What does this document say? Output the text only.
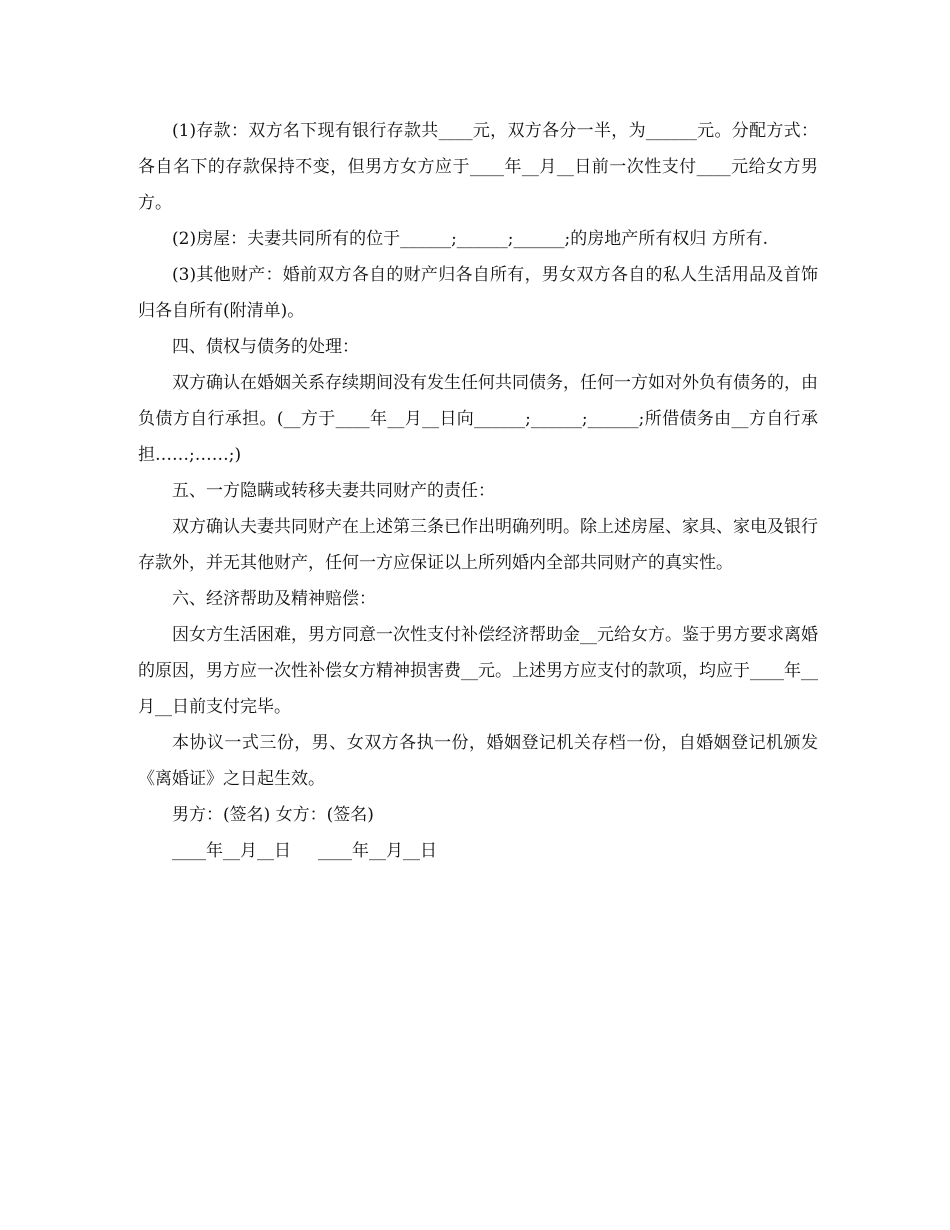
(1)存款：双方名下现有银行存款共____元，双方各分一半，为______元。分配方式：各自名下的存款保持不变，但男方女方应于____年__月__日前一次性支付____元给女方男方。

(2)房屋：夫妻共同所有的位于______;______;______;的房地产所有权归 方所有.

(3)其他财产：婚前双方各自的财产归各自所有，男女双方各自的私人生活用品及首饰归各自所有(附清单)。

四、债权与债务的处理：

双方确认在婚姻关系存续期间没有发生任何共同债务，任何一方如对外负有债务的，由负债方自行承担。(__方于____年__月__日向______;______;______;所借债务由__方自行承担……;……;)

五、一方隐瞒或转移夫妻共同财产的责任：

双方确认夫妻共同财产在上述第三条已作出明确列明。除上述房屋、家具、家电及银行存款外，并无其他财产，任何一方应保证以上所列婚内全部共同财产的真实性。

六、经济帮助及精神赔偿：

因女方生活困难，男方同意一次性支付补偿经济帮助金__元给女方。鉴于男方要求离婚的原因，男方应一次性补偿女方精神损害费__元。上述男方应支付的款项，均应于____年__月__日前支付完毕。

本协议一式三份，男、女双方各执一份，婚姻登记机关存档一份，自婚姻登记机颁发《离婚证》之日起生效。

男方：(签名) 女方：(签名)

____年__月__日     ____年__月__日
